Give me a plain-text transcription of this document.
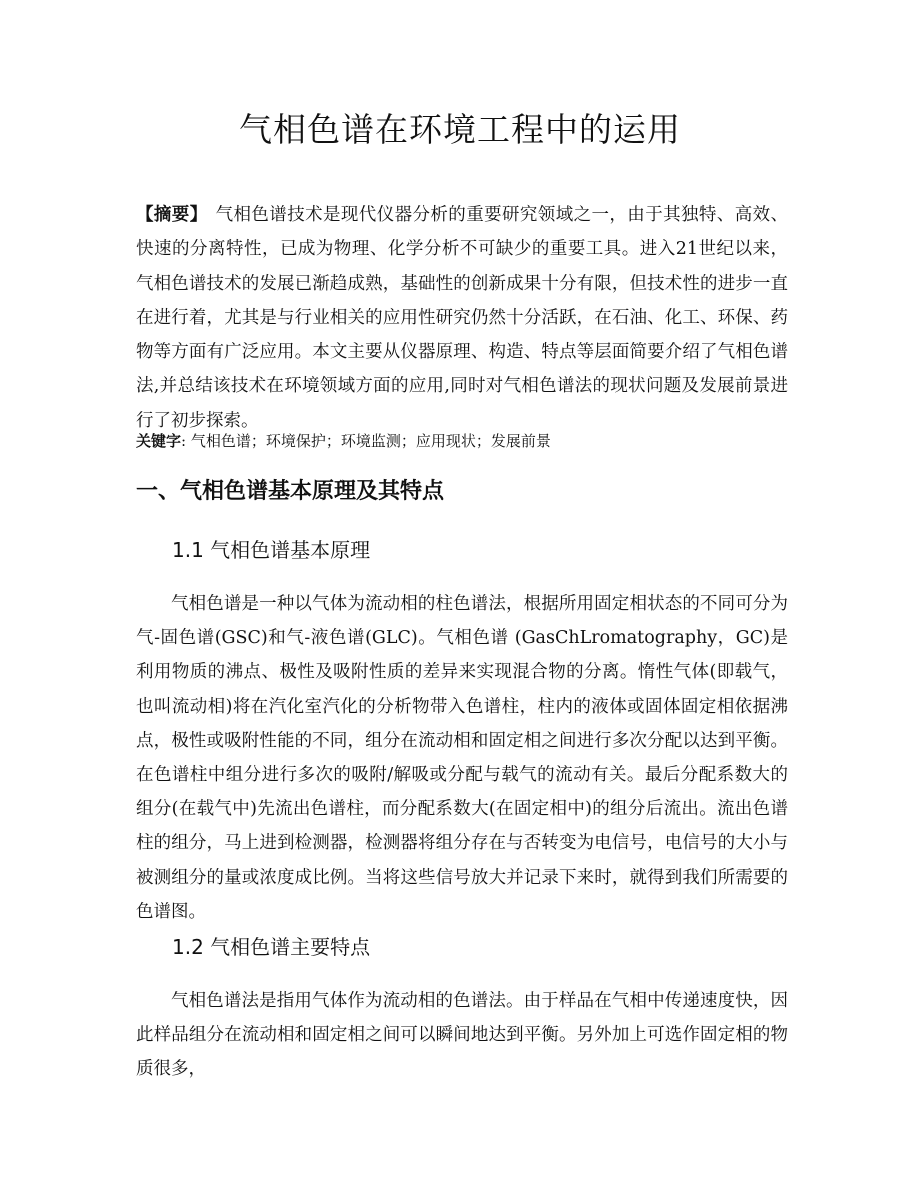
气相色谱在环境工程中的运用

【摘要】 气相色谱技术是现代仪器分析的重要研究领域之一，由于其独特、高效、快速的分离特性，已成为物理、化学分析不可缺少的重要工具。进入21世纪以来，气相色谱技术的发展已渐趋成熟，基础性的创新成果十分有限，但技术性的进步一直在进行着，尤其是与行业相关的应用性研究仍然十分活跃，在石油、化工、环保、药物等方面有广泛应用。本文主要从仪器原理、构造、特点等层面简要介绍了气相色谱法,并总结该技术在环境领域方面的应用,同时对气相色谱法的现状问题及发展前景进行了初步探索。

关键字: 气相色谱；环境保护；环境监测；应用现状；发展前景

一、气相色谱基本原理及其特点
1.1 气相色谱基本原理

气相色谱是一种以气体为流动相的柱色谱法，根据所用固定相状态的不同可分为气-固色谱(GSC)和气-液色谱(GLC)。气相色谱 (GasChLromatography，GC)是利用物质的沸点、极性及吸附性质的差异来实现混合物的分离。惰性气体(即载气，也叫流动相)将在汽化室汽化的分析物带入色谱柱，柱内的液体或固体固定相依据沸点，极性或吸附性能的不同，组分在流动相和固定相之间进行多次分配以达到平衡。在色谱柱中组分进行多次的吸附/解吸或分配与载气的流动有关。最后分配系数大的组分(在载气中)先流出色谱柱，而分配系数大(在固定相中)的组分后流出。流出色谱柱的组分，马上进到检测器，检测器将组分存在与否转变为电信号，电信号的大小与被测组分的量或浓度成比例。当将这些信号放大并记录下来时，就得到我们所需要的色谱图。

1.2 气相色谱主要特点

气相色谱法是指用气体作为流动相的色谱法。由于样品在气相中传递速度快，因此样品组分在流动相和固定相之间可以瞬间地达到平衡。另外加上可选作固定相的物质很多，
